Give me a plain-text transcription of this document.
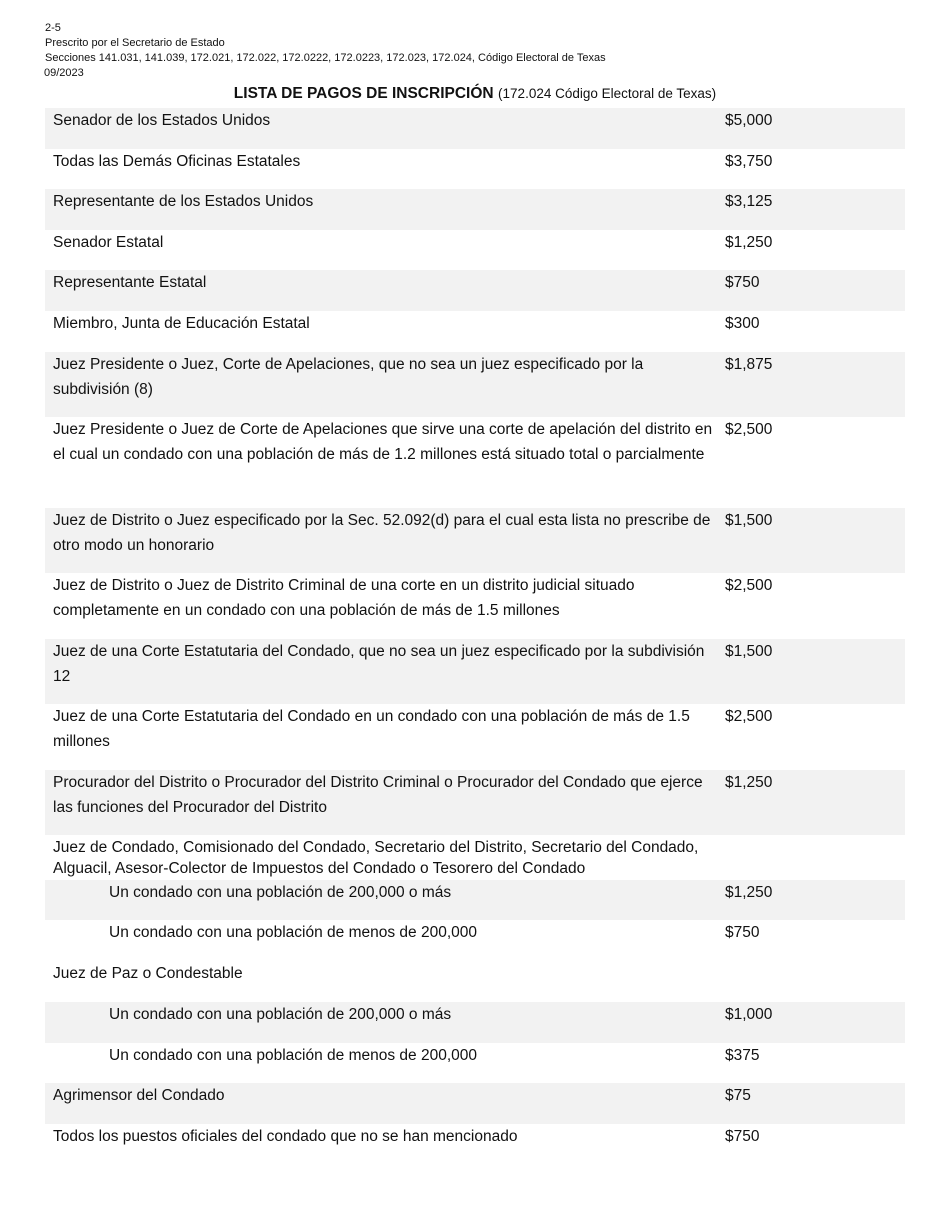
2-5
Prescrito por el Secretario de Estado
Secciones 141.031, 141.039, 172.021, 172.022, 172.0222, 172.0223, 172.023, 172.024, Código Electoral de Texas
09/2023
LISTA DE PAGOS DE INSCRIPCIÓN (172.024 Código Electoral de Texas)
Senador de los Estados Unidos	$5,000
Todas las Demás Oficinas Estatales	$3,750
Representante de los Estados Unidos	$3,125
Senador Estatal	$1,250
Representante Estatal	$750
Miembro, Junta de Educación Estatal	$300
Juez Presidente o Juez, Corte de Apelaciones, que no sea un juez especificado por la subdivisión (8)
$1,875
Juez Presidente o Juez de Corte de Apelaciones que sirve una corte de apelación del distrito en el cual un condado con una población de más de 1.2 millones está situado total o parcialmente
$2,500
Juez de Distrito o Juez especificado por la Sec. 52.092(d) para el cual esta lista no prescribe de otro modo un honorario
$1,500
Juez de Distrito o Juez de Distrito Criminal de una corte en un distrito judicial situado completamente en un condado con una población de más de 1.5 millones
$2,500
Juez de una Corte Estatutaria del Condado, que no sea un juez especificado por la subdivisión 12
$1,500
Juez de una Corte Estatutaria del Condado en un condado con una población de más de 1.5 millones
$2,500
Procurador del Distrito o Procurador del Distrito Criminal o Procurador del Condado que ejerce las funciones del Procurador del Distrito
$1,250
Juez de Condado, Comisionado del Condado, Secretario del Distrito, Secretario del Condado, Alguacil, Asesor-Colector de Impuestos del Condado o Tesorero del Condado
Un condado con una población de 200,000 o más	$1,250
Un condado con una población de menos de 200,000	$750
Juez de Paz o Condestable
Un condado con una población de 200,000 o más	$1,000
Un condado con una población de menos de 200,000	$375
Agrimensor del Condado	$75
Todos los puestos oficiales del condado que no se han mencionado	$750
